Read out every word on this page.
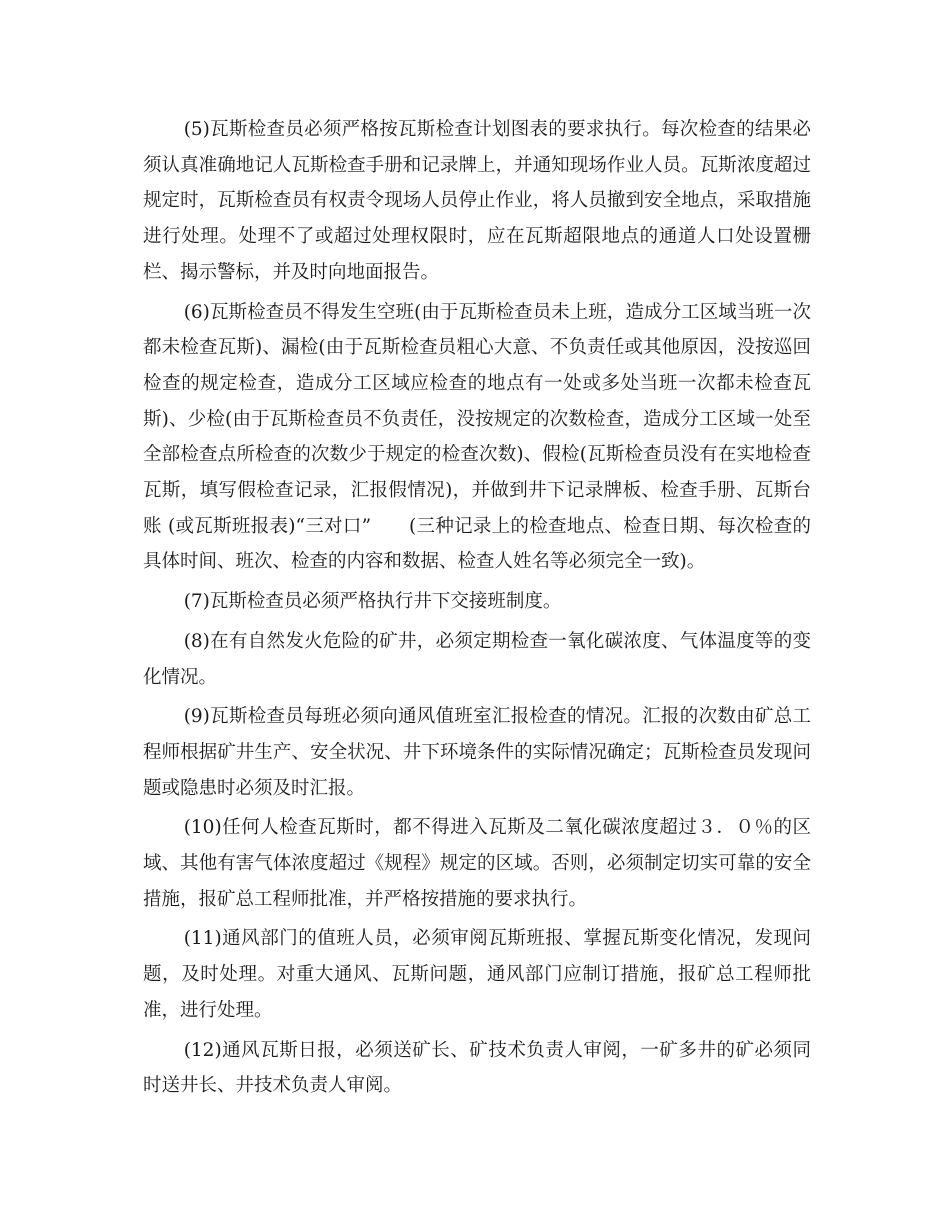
(5)瓦斯检查员必须严格按瓦斯检查计划图表的要求执行。每次检查的结果必须认真准确地记人瓦斯检查手册和记录牌上，并通知现场作业人员。瓦斯浓度超过规定时，瓦斯检查员有权责令现场人员停止作业，将人员撤到安全地点，采取措施进行处理。处理不了或超过处理权限时，应在瓦斯超限地点的通道人口处设置栅栏、揭示警标，并及时向地面报告。

(6)瓦斯检查员不得发生空班(由于瓦斯检查员未上班，造成分工区域当班一次都未检查瓦斯)、漏检(由于瓦斯检查员粗心大意、不负责任或其他原因，没按巡回检查的规定检查，造成分工区域应检查的地点有一处或多处当班一次都未检查瓦斯)、少检(由于瓦斯检查员不负责任，没按规定的次数检查，造成分工区域一处至全部检查点所检查的次数少于规定的检查次数)、假检(瓦斯检查员没有在实地检查瓦斯，填写假检查记录，汇报假情况)，并做到井下记录牌板、检查手册、瓦斯台账 (或瓦斯班报表)“三对口”　　(三种记录上的检查地点、检查日期、每次检查的具体时间、班次、检查的内容和数据、检查人姓名等必须完全一致)。

(7)瓦斯检查员必须严格执行井下交接班制度。

(8)在有自然发火危险的矿井，必须定期检查一氧化碳浓度、气体温度等的变化情况。

(9)瓦斯检查员每班必须向通风值班室汇报检查的情况。汇报的次数由矿总工程师根据矿井生产、安全状况、井下环境条件的实际情况确定；瓦斯检查员发现问题或隐患时必须及时汇报。

(10)任何人检查瓦斯时，都不得进入瓦斯及二氧化碳浓度超过３．０％的区域、其他有害气体浓度超过《规程》规定的区域。否则，必须制定切实可靠的安全措施，报矿总工程师批准，并严格按措施的要求执行。

(11)通风部门的值班人员，必须审阅瓦斯班报、掌握瓦斯变化情况，发现问题，及时处理。对重大通风、瓦斯问题，通风部门应制订措施，报矿总工程师批准，进行处理。

(12)通风瓦斯日报，必须送矿长、矿技术负责人审阅，一矿多井的矿必须同时送井长、井技术负责人审阅。
